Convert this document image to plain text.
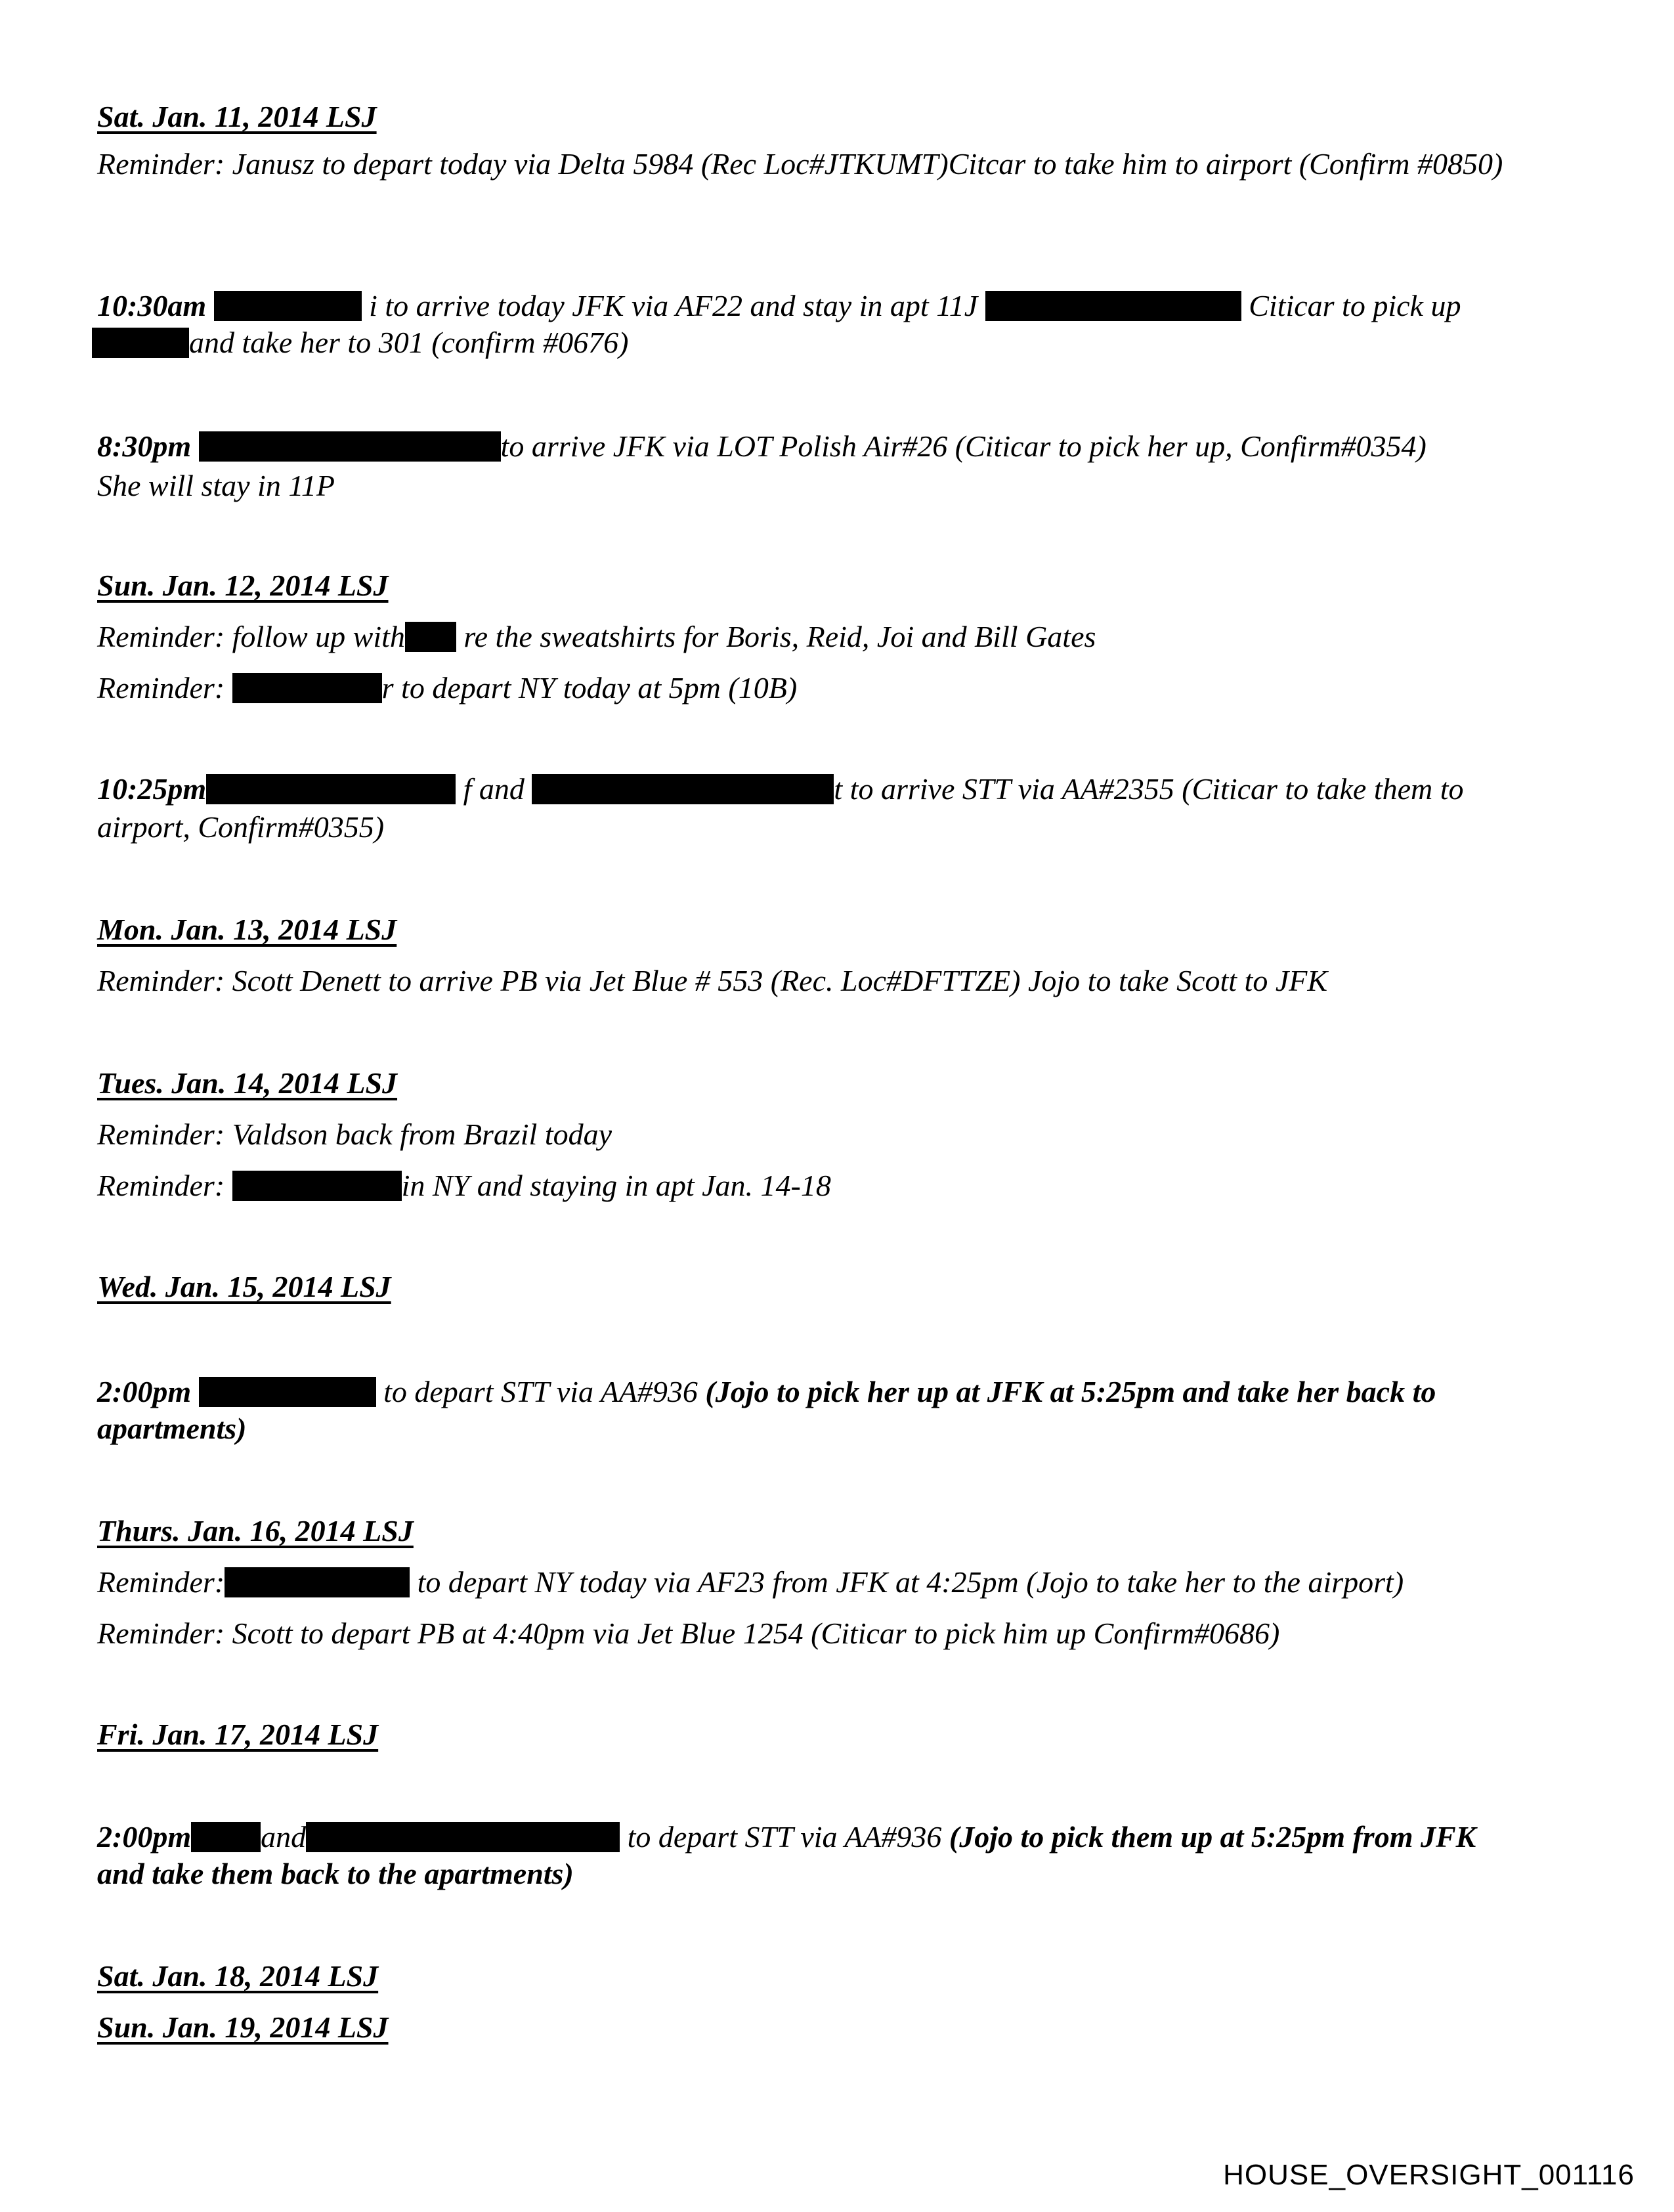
Sat. Jan. 11, 2014 LSJ
Reminder: Janusz to depart today via Delta 5984 (Rec Loc#JTKUMT)Citcar to take him to airport (Confirm #0850)
10:30am	i to arrive today JFK via AF22 and stay in apt 11J	Citicar to pick up
and take her to 301 (confirm #0676)
8:30pm	to arrive JFK via LOT Polish Air#26 (Citicar to pick her up, Confirm#0354)
She will stay in 11P
Sun. Jan. 12, 2014 LSJ
Reminder: follow up with re the sweatshirts for Boris, Reid, Joi and Bill Gates
Reminder:	r to depart NY today at 5pm (10B)
10:25pm	f and	t to arrive STT via AA#2355 (Citicar to take them to
airport, Confirm#0355)
Mon. Jan. 13, 2014 LSJ
Reminder: Scott Denett to arrive PB via Jet Blue # 553 (Rec. Loc#DFTTZE) Jojo to take Scott to JFK
Tues. Jan. 14, 2014 LSJ
Reminder: Valdson back from Brazil today
Reminder:	in NY and staying in apt Jan. 14-18
Wed. Jan. 15, 2014 LSJ
2:00pm	to depart STT via AA#936 (Jojo to pick her up at JFK at 5:25pm and take her back to
apartments)
Thurs. Jan. 16, 2014 LSJ
Reminder:	to depart NY today via AF23 from JFK at 4:25pm (Jojo to take her to the airport)
Reminder: Scott to depart PB at 4:40pm via Jet Blue 1254 (Citicar to pick him up Confirm#0686)
Fri. Jan. 17, 2014 LSJ
2:00pm and	to depart STT via AA#936 (Jojo to pick them up at 5:25pm from JFK
and take them back to the apartments)
Sat. Jan. 18, 2014 LSJ
Sun. Jan. 19, 2014 LSJ
HOUSE_OVERSIGHT_001116
